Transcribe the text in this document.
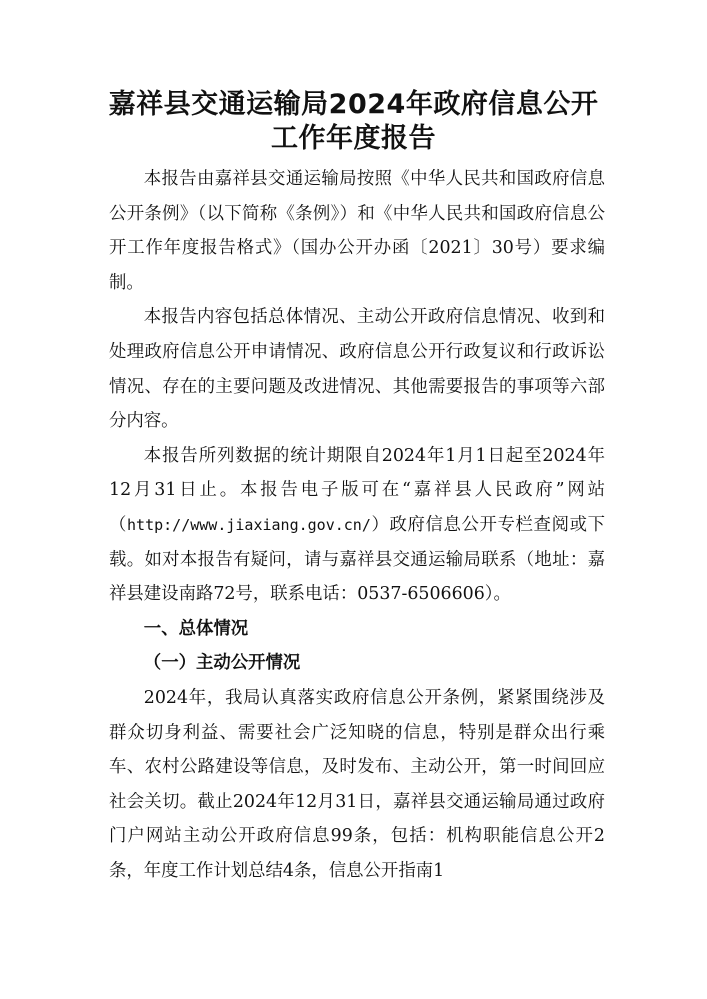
嘉祥县交通运输局2024年政府信息公开
工作年度报告

本报告由嘉祥县交通运输局按照《中华人民共和国政府信息公开条例》（以下简称《条例》）和《中华人民共和国政府信息公开工作年度报告格式》（国办公开办函〔2021〕30号）要求编制。

本报告内容包括总体情况、主动公开政府信息情况、收到和处理政府信息公开申请情况、政府信息公开行政复议和行政诉讼情况、存在的主要问题及改进情况、其他需要报告的事项等六部分内容。

本报告所列数据的统计期限自2024年1月1日起至2024年12月31日止。本报告电子版可在“嘉祥县人民政府”网站（http://www.jiaxiang.gov.cn/）政府信息公开专栏查阅或下载。如对本报告有疑问，请与嘉祥县交通运输局联系（地址：嘉祥县建设南路72号，联系电话：0537-6506606）。

一、总体情况
（一）主动公开情况

2024年，我局认真落实政府信息公开条例，紧紧围绕涉及群众切身利益、需要社会广泛知晓的信息，特别是群众出行乘车、农村公路建设等信息，及时发布、主动公开，第一时间回应社会关切。截止2024年12月31日，嘉祥县交通运输局通过政府门户网站主动公开政府信息99条，包括：机构职能信息公开2条，年度工作计划总结4条，信息公开指南1
